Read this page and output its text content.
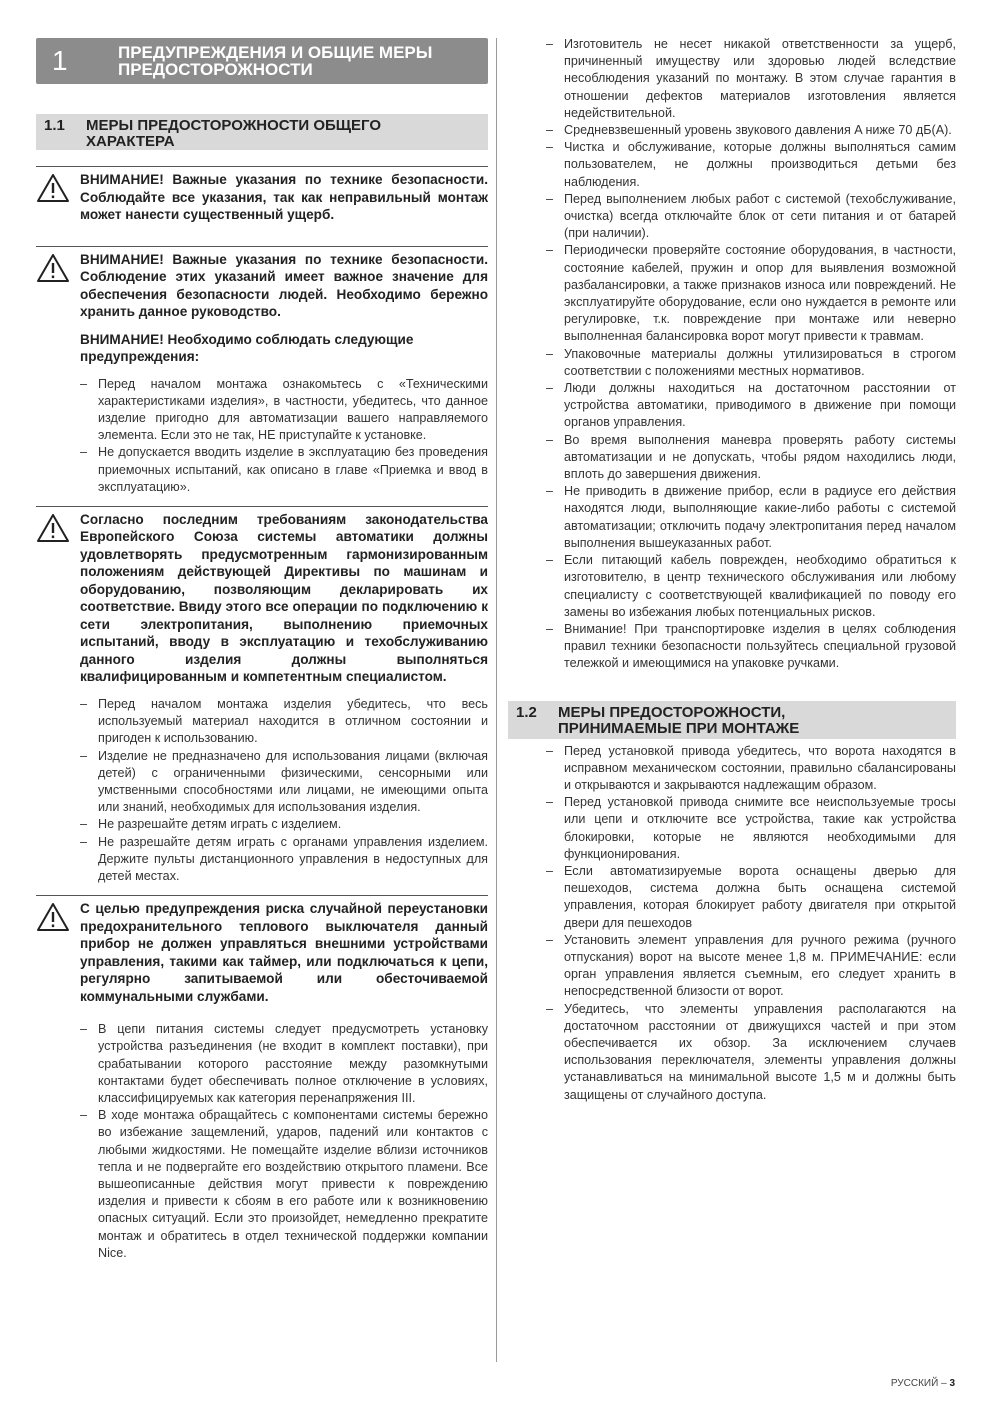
1	ПРЕДУПРЕЖДЕНИЯ И ОБЩИЕ МЕРЫ
ПРЕДОСТОРОЖНОСТИ
1.1	МЕРЫ ПРЕДОСТОРОЖНОСТИ ОБЩЕГО
ХАРАКТЕРА

ВНИМАНИЕ! Важные указания по технике безопасности. Соблюдайте все указания, так как неправильный монтаж может нанести существенный ущерб.

ВНИМАНИЕ! Важные указания по технике безопасности. Соблюдение этих указаний имеет важное значение для обеспечения безопасности людей. Необходимо бережно хранить данное руководство.

ВНИМАНИЕ! Необходимо соблюдать следующие предупреждения:

– Перед началом монтажа ознакомьтесь с «Техническими характеристиками изделия», в частности, убедитесь, что данное изделие пригодно для автоматизации вашего направляемого элемента. Если это не так, НЕ приступайте к установке.
– Не допускается вводить изделие в эксплуатацию без проведения приемочных испытаний, как описано в главе «Приемка и ввод в эксплуатацию».

Согласно последним требованиям законодательства Европейского Союза системы автоматики должны удовлетворять предусмотренным гармонизированным положениям действующей Директивы по машинам и оборудованию, позволяющим декларировать их соответствие. Ввиду этого все операции по подключению к сети электропитания, выполнению приемочных испытаний, вводу в эксплуатацию и техобслуживанию данного изделия должны выполняться квалифицированным и компетентным специалистом.

– Перед началом монтажа изделия убедитесь, что весь используемый материал находится в отличном состоянии и пригоден к использованию.
– Изделие не предназначено для использования лицами (включая детей) с ограниченными физическими, сенсорными или умственными способностями или лицами, не имеющими опыта или знаний, необходимых для использования изделия.
– Не разрешайте детям играть с изделием.
– Не разрешайте детям играть с органами управления изделием. Держите пульты дистанционного управления в недоступных для детей местах.

С целью предупреждения риска случайной переустановки предохранительного теплового выключателя данный прибор не должен управляться внешними устройствами управления, такими как таймер, или подключаться к цепи, регулярно запитываемой или обесточиваемой коммунальными службами.

– В цепи питания системы следует предусмотреть установку устройства разъединения (не входит в комплект поставки), при срабатывании которого расстояние между разомкнутыми контактами будет обеспечивать полное отключение в условиях, классифицируемых как категория перенапряжения III.
– В ходе монтажа обращайтесь с компонентами системы бережно во избежание защемлений, ударов, падений или контактов с любыми жидкостями. Не помещайте изделие вблизи источников тепла и не подвергайте его воздействию открытого пламени. Все вышеописанные действия могут привести к повреждению изделия и привести к сбоям в его работе или к возникновению опасных ситуаций. Если это произойдет, немедленно прекратите монтаж и обратитесь в отдел технической поддержки компании Nice.
– Изготовитель не несет никакой ответственности за ущерб, причиненный имуществу или здоровью людей вследствие несоблюдения указаний по монтажу. В этом случае гарантия в отношении дефектов материалов изготовления является недействительной.
– Средневзвешенный уровень звукового давления A ниже 70 дБ(A).
– Чистка и обслуживание, которые должны выполняться самим пользователем, не должны производиться детьми без наблюдения.
– Перед выполнением любых работ с системой (техобслуживание, очистка) всегда отключайте блок от сети питания и от батарей (при наличии).
– Периодически проверяйте состояние оборудования, в частности, состояние кабелей, пружин и опор для выявления возможной разбалансировки, а также признаков износа или повреждений. Не эксплуатируйте оборудование, если оно нуждается в ремонте или регулировке, т.к. повреждение при монтаже или неверно выполненная балансировка ворот могут привести к травмам.
– Упаковочные материалы должны утилизироваться в строгом соответствии с положениями местных нормативов.
– Люди должны находиться на достаточном расстоянии от устройства автоматики, приводимого в движение при помощи органов управления.
– Во время выполнения маневра проверять работу системы автоматизации и не допускать, чтобы рядом находились люди, вплоть до завершения движения.
– Не приводить в движение прибор, если в радиусе его действия находятся люди, выполняющие какие-либо работы с системой автоматизации; отключить подачу электропитания перед началом выполнения вышеуказанных работ.
– Если питающий кабель поврежден, необходимо обратиться к изготовителю, в центр технического обслуживания или любому специалисту с соответствующей квалификацией по поводу его замены во избежания любых потенциальных рисков.
– Внимание! При транспортировке изделия в целях соблюдения правил техники безопасности пользуйтесь специальной грузовой тележкой и имеющимися на упаковке ручками.
1.2	МЕРЫ ПРЕДОСТОРОЖНОСТИ,
ПРИНИМАЕМЫЕ ПРИ МОНТАЖЕ
– Перед установкой привода убедитесь, что ворота находятся в исправном механическом состоянии, правильно сбалансированы и открываются и закрываются надлежащим образом.
– Перед установкой привода снимите все неиспользуемые тросы или цепи и отключите все устройства, такие как устройства блокировки, которые не являются необходимыми для функционирования.
– Если автоматизируемые ворота оснащены дверью для пешеходов, система должна быть оснащена системой управления, которая блокирует работу двигателя при открытой двери для пешеходов
– Установить элемент управления для ручного режима (ручного отпускания) ворот на высоте менее 1,8 м. ПРИМЕЧАНИЕ: если орган управления является съемным, его следует хранить в непосредственной близости от ворот.
– Убедитесь, что элементы управления располагаются на достаточном расстоянии от движущихся частей и при этом обеспечивается их обзор. За исключением случаев использования переключателя, элементы управления должны устанавливаться на минимальной высоте 1,5 м и должны быть защищены от случайного доступа.
РУССКИЙ – 3
